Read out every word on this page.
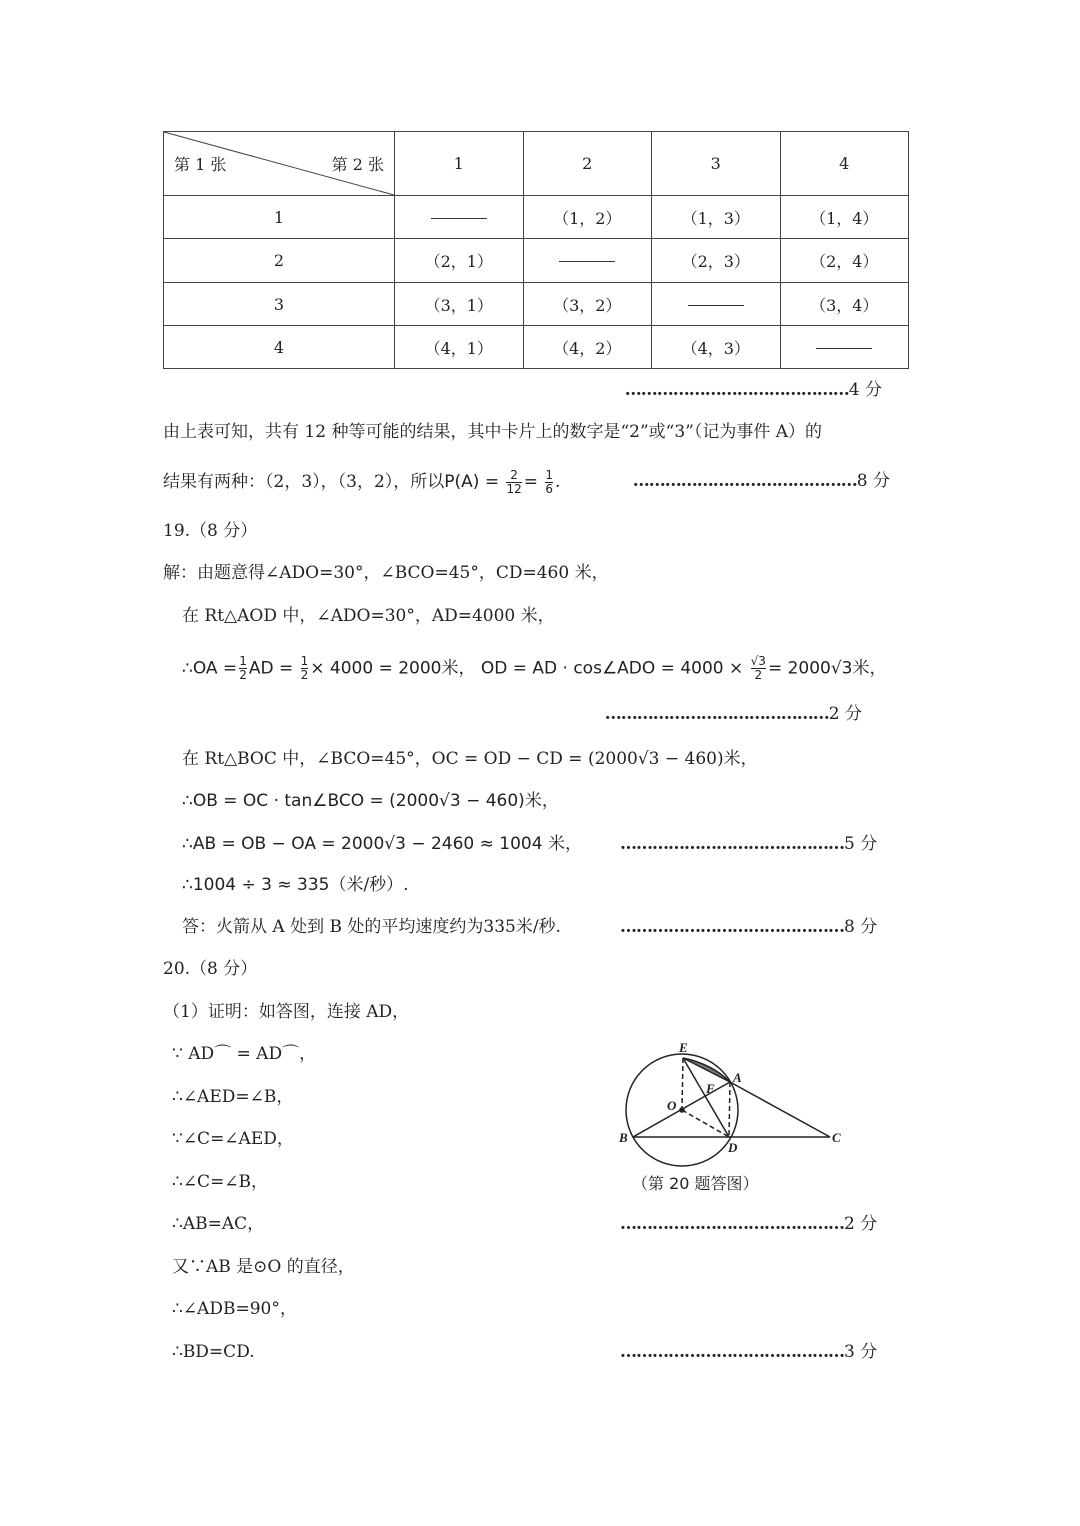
第 1 张 第 2 张	1	2	3	4
1		（1，2）	（1，3）	（1，4）
2	（2，1）		（2，3）	（2，4）
3	（3，1）	（3，2）		（3，4）
4	（4，1）	（4，2）	（4，3）	
……………………………………4 分
由上表可知，共有 12 种等可能的结果，其中卡片上的数字是“2”或“3”（记为事件 A）的
结果有两种：（2，3），（3，2），所以$P(A) = \frac{2}{12} = \frac{1}{6}$ .	……………………………………8 分
19.（8 分）
解：由题意得∠ADO=30°，∠BCO=45°，CD=460 米，
在 Rt△AOD 中，∠ADO=30°，AD=4000 米，
∴OA = $\frac{1}{2}$ AD = $\frac{1}{2} \times 4000 = 2000$米， OD = AD · cos∠ADO = $4000 \times \frac{√3}{2} = 2000√3$米，
……………………………………2 分
在 Rt△BOC 中，∠BCO=45°，OC = OD − CD = (2000√3 − 460)米，
∴OB = OC · tan∠BCO = (2000√3 − 460)米，
∴AB = OB − OA = 2000√3 − 2460 ≈ 1004 米， ……………………………………5 分
∴1004 ÷ 3 ≈ 335（米/秒）.
答：火箭从 A 处到 B 处的平均速度约为335米/秒.	……………………………………8 分
20.（8 分）
（1）证明：如答图，连接 AD，
∵ AD⌒ = AD⌒，
∴∠AED=∠B，
∵∠C=∠AED，
∴∠C=∠B，
∴AB=AC，	……………………………………2 分
又∵AB 是⊙O 的直径，
∴∠ADB=90°，
∴BD=CD.	……………………………………3 分
E
A
F
O
B
D
C
（第 20 题答图）
